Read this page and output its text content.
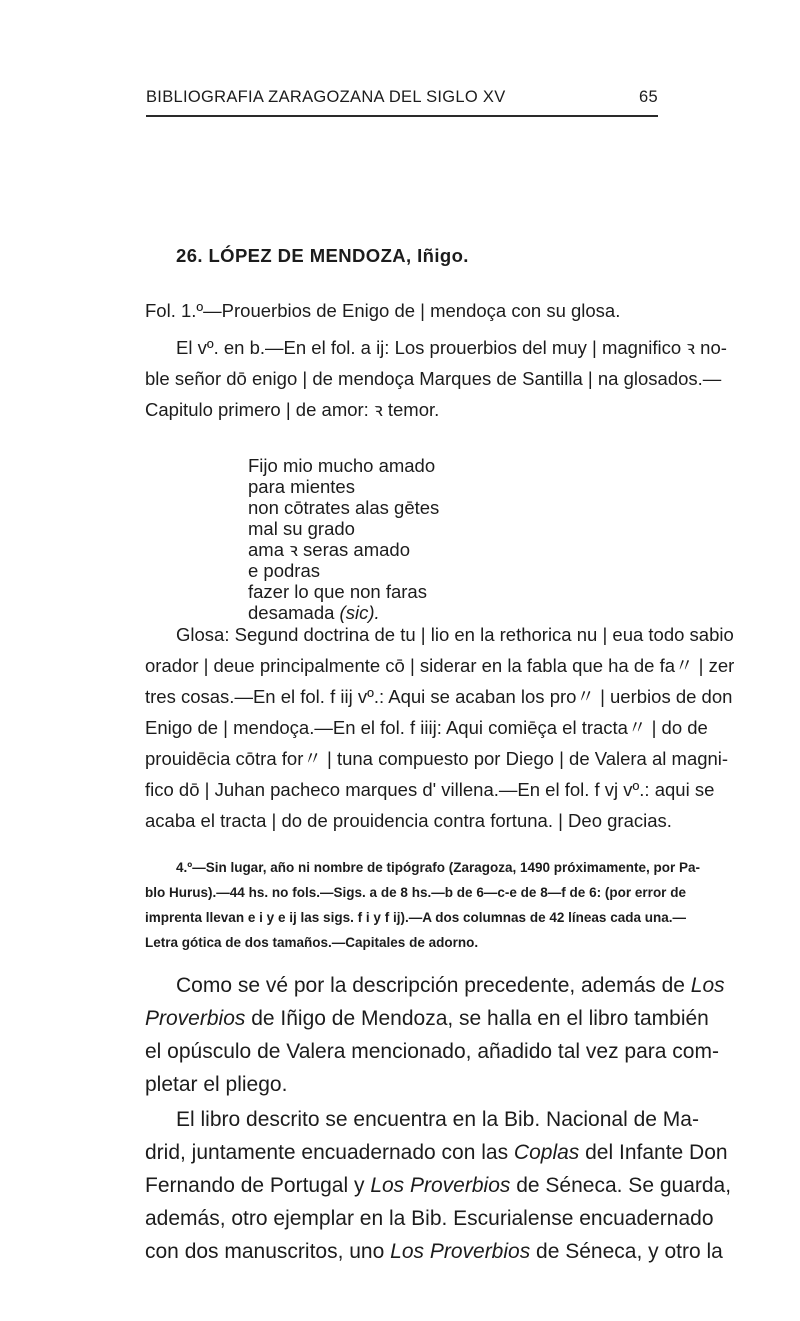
BIBLIOGRAFIA ZARAGOZANA DEL SIGLO XV	65
26. LÓPEZ DE MENDOZA, Iñigo.
Fol. 1.º—Prouerbios de Enigo de | mendoça con su glosa.
El vº. en b.—En el fol. a ij: Los prouerbios del muy | magnifico ꝛ no-
ble señor dō enigo | de mendoça Marques de Santilla | na glosados.—
Capitulo primero | de amor: ꝛ temor.
Fijo mio mucho amado
para mientes
non cōtrates alas gētes
mal su grado
ama ꝛ seras amado
e podras
fazer lo que non faras
desamada (sic).
Glosa: Segund doctrina de tu | lio en la rethorica nu | eua todo sabio
orador | deue principalmente cō | siderar en la fabla que ha de fa〃 | zer
tres cosas.—En el fol. f iij vº.: Aqui se acaban los pro〃 | uerbios de don
Enigo de | mendoça.—En el fol. f iiij: Aqui comiēça el tracta〃 | do de
prouidēcia cōtra for〃 | tuna compuesto por Diego | de Valera al magni-
fico dō | Juhan pacheco marques d' villena.—En el fol. f vj vº.: aqui se
acaba el tracta | do de prouidencia contra fortuna. | Deo gracias.
4.º—Sin lugar, año ni nombre de tipógrafo (Zaragoza, 1490 próximamente, por Pa-
blo Hurus).—44 hs. no fols.—Sigs. a de 8 hs.—b de 6—c-e de 8—f de 6: (por error de
imprenta llevan e i y e ij las sigs. f i y f ij).—A dos columnas de 42 líneas cada una.—
Letra gótica de dos tamaños.—Capitales de adorno.
Como se vé por la descripción precedente, además de Los
Proverbios de Iñigo de Mendoza, se halla en el libro también
el opúsculo de Valera mencionado, añadido tal vez para com-
pletar el pliego.
El libro descrito se encuentra en la Bib. Nacional de Ma-
drid, juntamente encuadernado con las Coplas del Infante Don
Fernando de Portugal y Los Proverbios de Séneca. Se guarda,
además, otro ejemplar en la Bib. Escurialense encuadernado
con dos manuscritos, uno Los Proverbios de Séneca, y otro la
